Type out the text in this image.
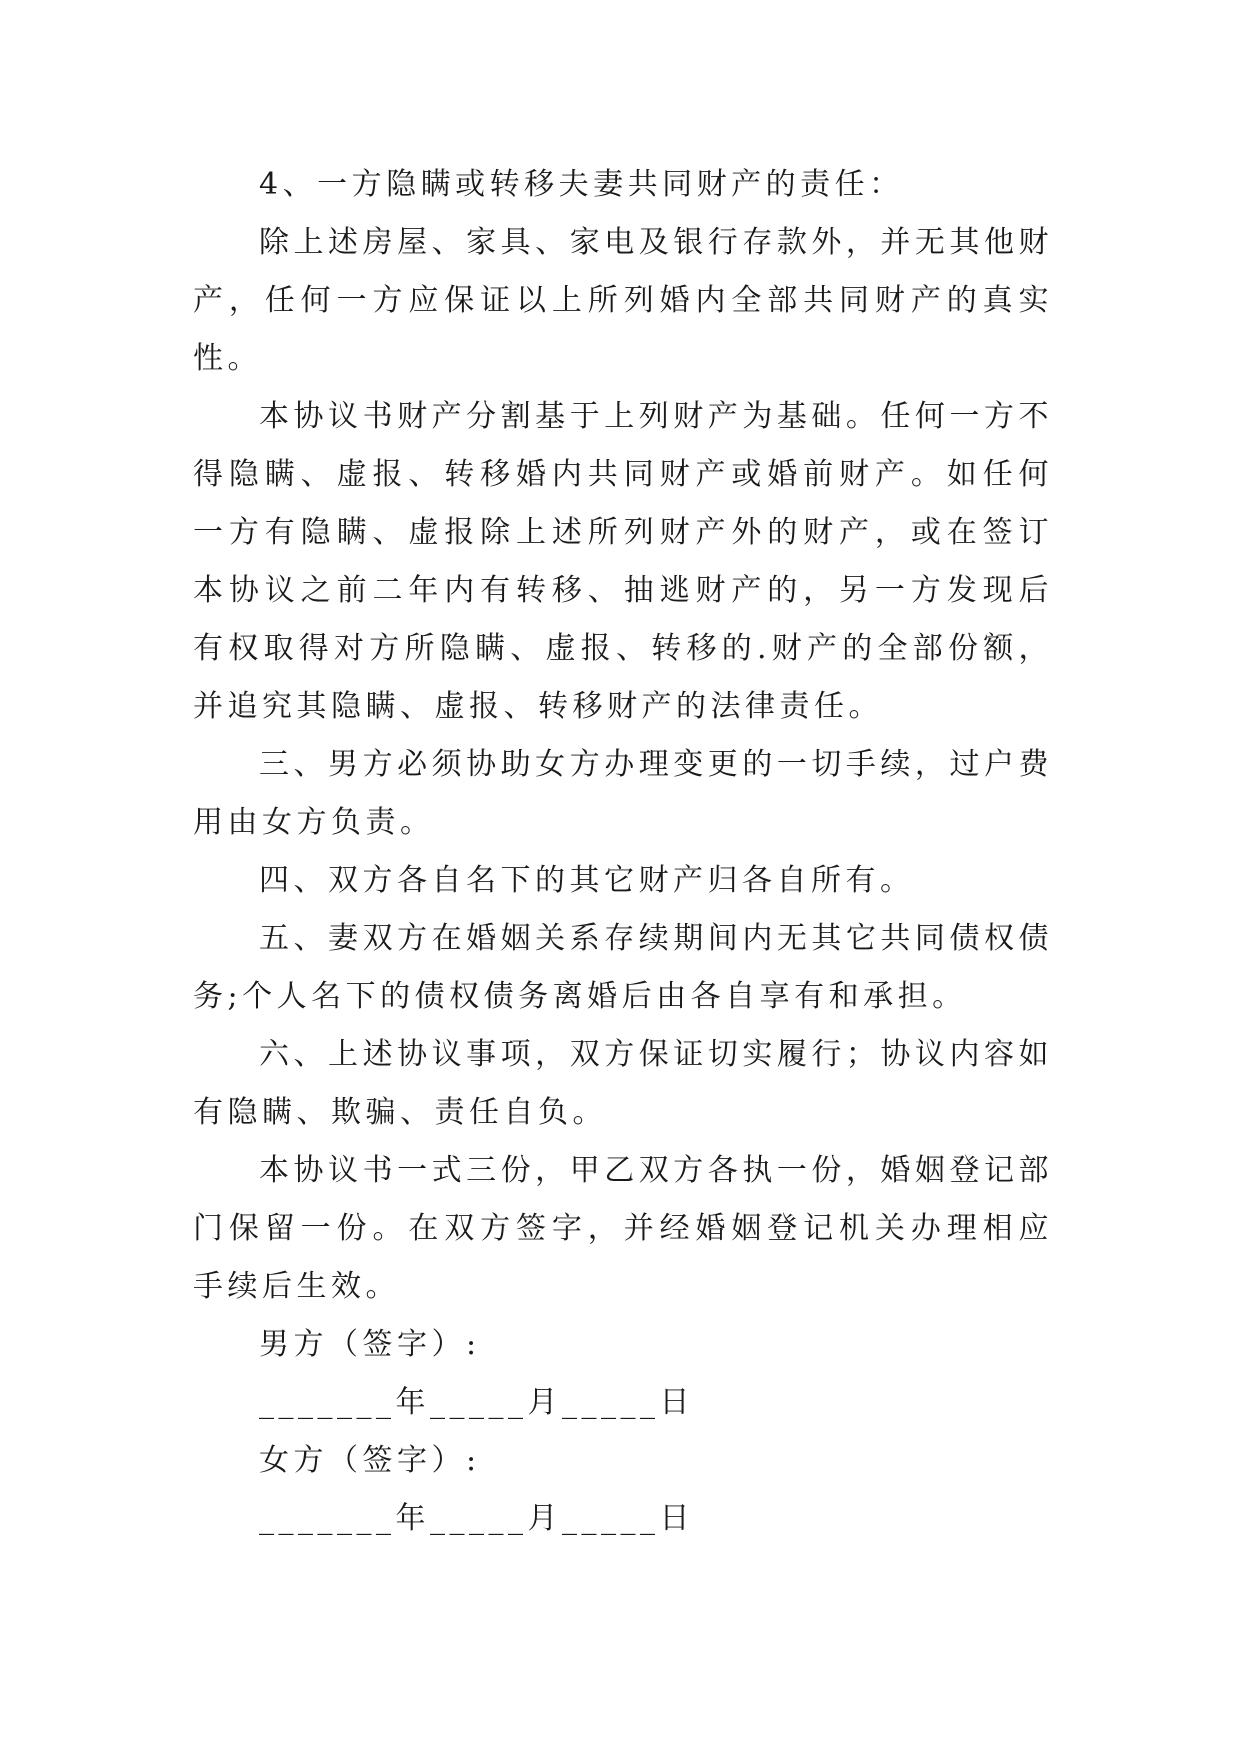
4、一方隐瞒或转移夫妻共同财产的责任：

除上述房屋、家具、家电及银行存款外，并无其他财产，任何一方应保证以上所列婚内全部共同财产的真实性。

本协议书财产分割基于上列财产为基础。任何一方不得隐瞒、虚报、转移婚内共同财产或婚前财产。如任何一方有隐瞒、虚报除上述所列财产外的财产，或在签订本协议之前二年内有转移、抽逃财产的，另一方发现后有权取得对方所隐瞒、虚报、转移的.财产的全部份额，并追究其隐瞒、虚报、转移财产的法律责任。

三、男方必须协助女方办理变更的一切手续，过户费用由女方负责。

四、双方各自名下的其它财产归各自所有。

五、妻双方在婚姻关系存续期间内无其它共同债权债务;个人名下的债权债务离婚后由各自享有和承担。

六、上述协议事项，双方保证切实履行；协议内容如有隐瞒、欺骗、责任自负。

本协议书一式三份，甲乙双方各执一份，婚姻登记部门保留一份。在双方签字，并经婚姻登记机关办理相应手续后生效。

男方（签字）:

_______年_____月_____日

女方（签字）:

_______年_____月_____日
